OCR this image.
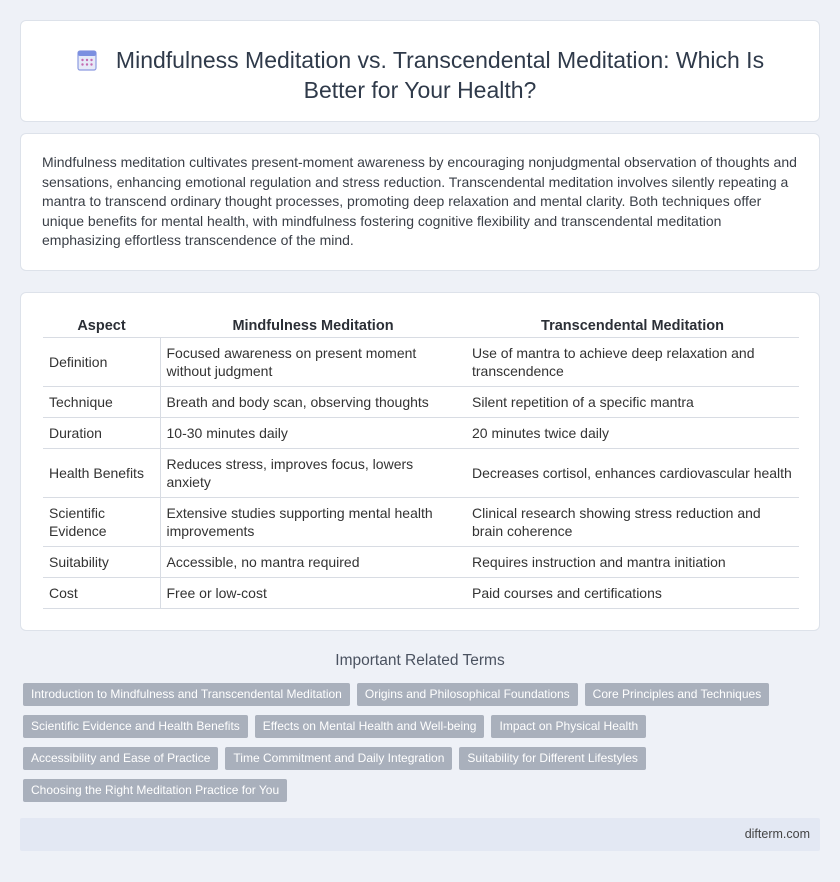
Mindfulness Meditation vs. Transcendental Meditation: Which Is Better for Your Health?

Mindfulness meditation cultivates present-moment awareness by encouraging nonjudgmental observation of thoughts and sensations, enhancing emotional regulation and stress reduction. Transcendental meditation involves silently repeating a mantra to transcend ordinary thought processes, promoting deep relaxation and mental clarity. Both techniques offer unique benefits for mental health, with mindfulness fostering cognitive flexibility and transcendental meditation emphasizing effortless transcendence of the mind.

Aspect	Mindfulness Meditation	Transcendental Meditation
Definition	Focused awareness on present moment without judgment	Use of mantra to achieve deep relaxation and transcendence
Technique	Breath and body scan, observing thoughts	Silent repetition of a specific mantra
Duration	10-30 minutes daily	20 minutes twice daily
Health Benefits	Reduces stress, improves focus, lowers anxiety	Decreases cortisol, enhances cardiovascular health
Scientific Evidence	Extensive studies supporting mental health improvements	Clinical research showing stress reduction and brain coherence
Suitability	Accessible, no mantra required	Requires instruction and mantra initiation
Cost	Free or low-cost	Paid courses and certifications
Important Related Terms
Introduction to Mindfulness and Transcendental Meditation	Origins and Philosophical Foundations	Core Principles and Techniques
Scientific Evidence and Health Benefits	Effects on Mental Health and Well-being	Impact on Physical Health
Accessibility and Ease of Practice	Time Commitment and Daily Integration	Suitability for Different Lifestyles
Choosing the Right Meditation Practice for You
difterm.com
